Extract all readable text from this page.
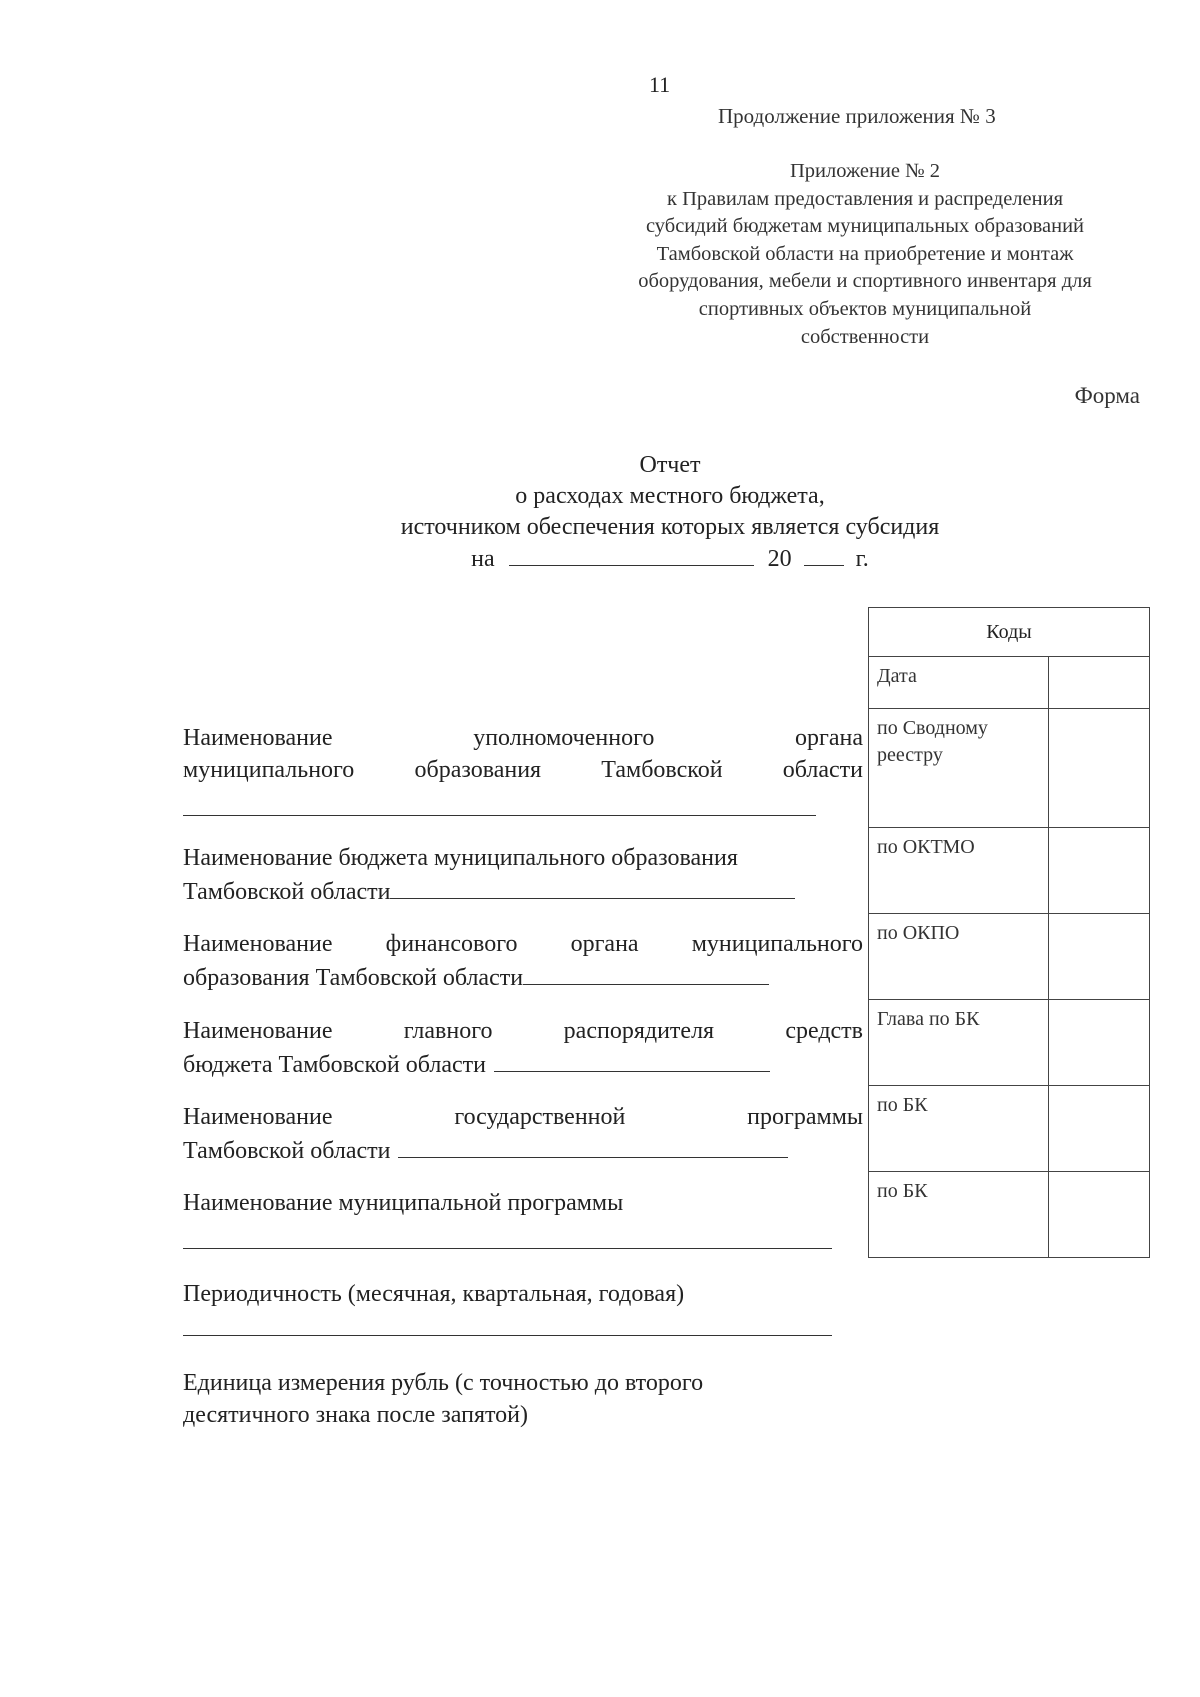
11
Продолжение приложения № 3
Приложение № 2
к Правилам предоставления и распределения
субсидий бюджетам муниципальных образований
Тамбовской области на приобретение и монтаж
оборудования, мебели и спортивного инвентаря для
спортивных объектов муниципальной
собственности
Форма
Отчет
о расходах местного бюджета,
источником обеспечения которых является субсидия
на	20	г.
Коды	
Дата	
по Сводному реестру	
по ОКТМО	
по ОКПО	
Глава по БК	
по БК	
по БК	
Наименование уполномоченного органа
муниципального образования Тамбовской области
Наименование бюджета муниципального образования
Тамбовской области
Наименование финансового органа муниципального
образования Тамбовской области
Наименование главного распорядителя средств
бюджета Тамбовской области
Наименование государственной программы
Тамбовской области
Наименование муниципальной программы
Периодичность (месячная, квартальная, годовая)
Единица измерения рубль (с точностью до второго
десятичного знака после запятой)
